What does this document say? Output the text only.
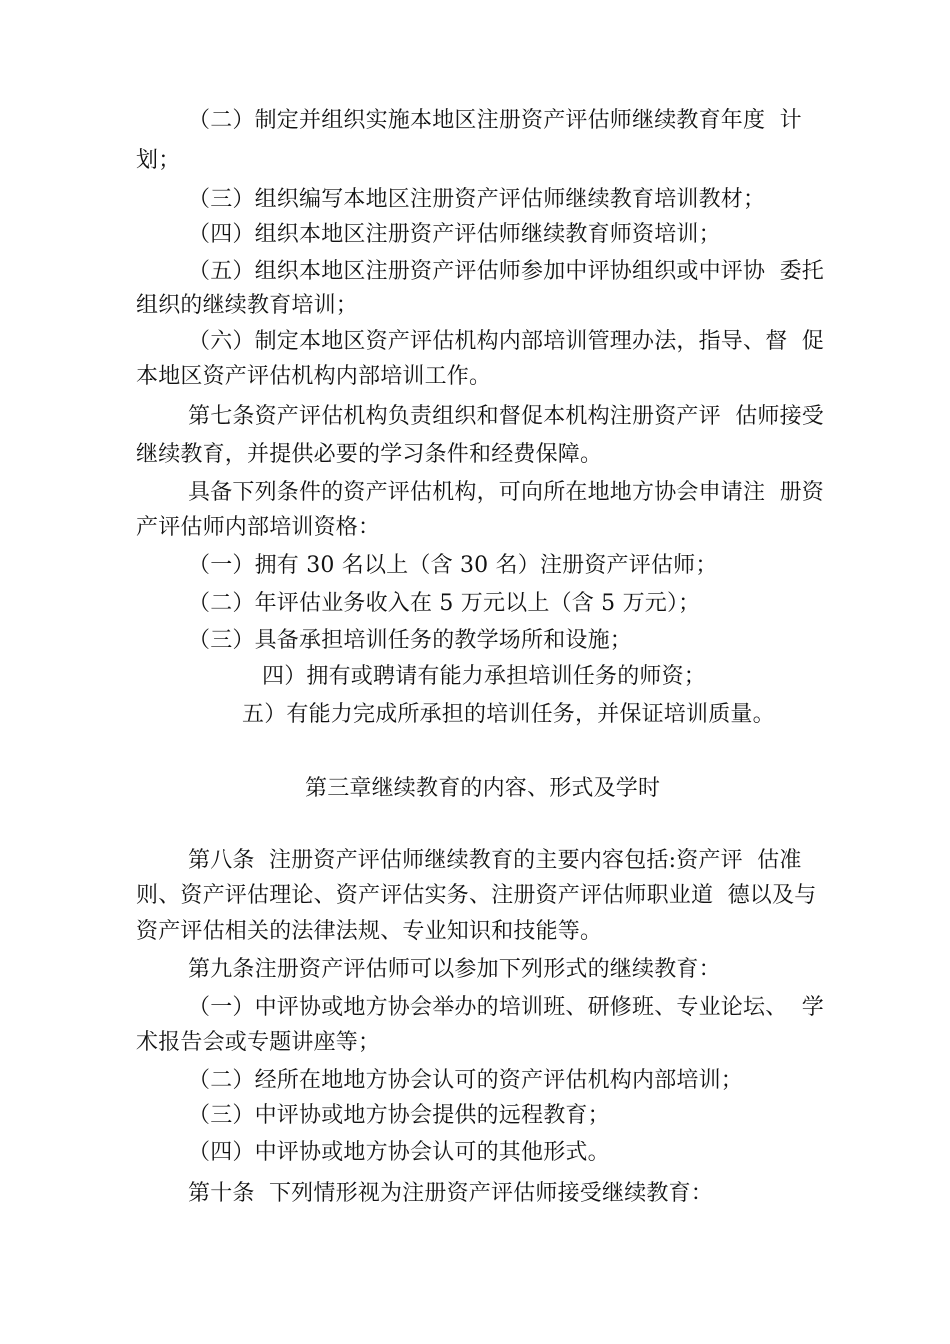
（二）制定并组织实施本地区注册资产评估师继续教育年度  计
划；
（三）组织编写本地区注册资产评估师继续教育培训教材；
（四）组织本地区注册资产评估师继续教育师资培训；
（五）组织本地区注册资产评估师参加中评协组织或中评协  委托
组织的继续教育培训；
（六）制定本地区资产评估机构内部培训管理办法，指导、督  促
本地区资产评估机构内部培训工作。
第七条资产评估机构负责组织和督促本机构注册资产评  估师接受
继续教育，并提供必要的学习条件和经费保障。
具备下列条件的资产评估机构，可向所在地地方协会申请注  册资
产评估师内部培训资格：
（一）拥有 30 名以上（含 30 名）注册资产评估师；
（二）年评估业务收入在 5 万元以上（含 5 万元）；
（三）具备承担培训任务的教学场所和设施；
四）拥有或聘请有能力承担培训任务的师资；
五）有能力完成所承担的培训任务，并保证培训质量。
第三章继续教育的内容、形式及学时
第八条  注册资产评估师继续教育的主要内容包括:资产评  估准
则、资产评估理论、资产评估实务、注册资产评估师职业道  德以及与
资产评估相关的法律法规、专业知识和技能等。
第九条注册资产评估师可以参加下列形式的继续教育：
（一）中评协或地方协会举办的培训班、研修班、专业论坛、  学
术报告会或专题讲座等；
（二）经所在地地方协会认可的资产评估机构内部培训；
（三）中评协或地方协会提供的远程教育；
（四）中评协或地方协会认可的其他形式。
第十条  下列情形视为注册资产评估师接受继续教育：
